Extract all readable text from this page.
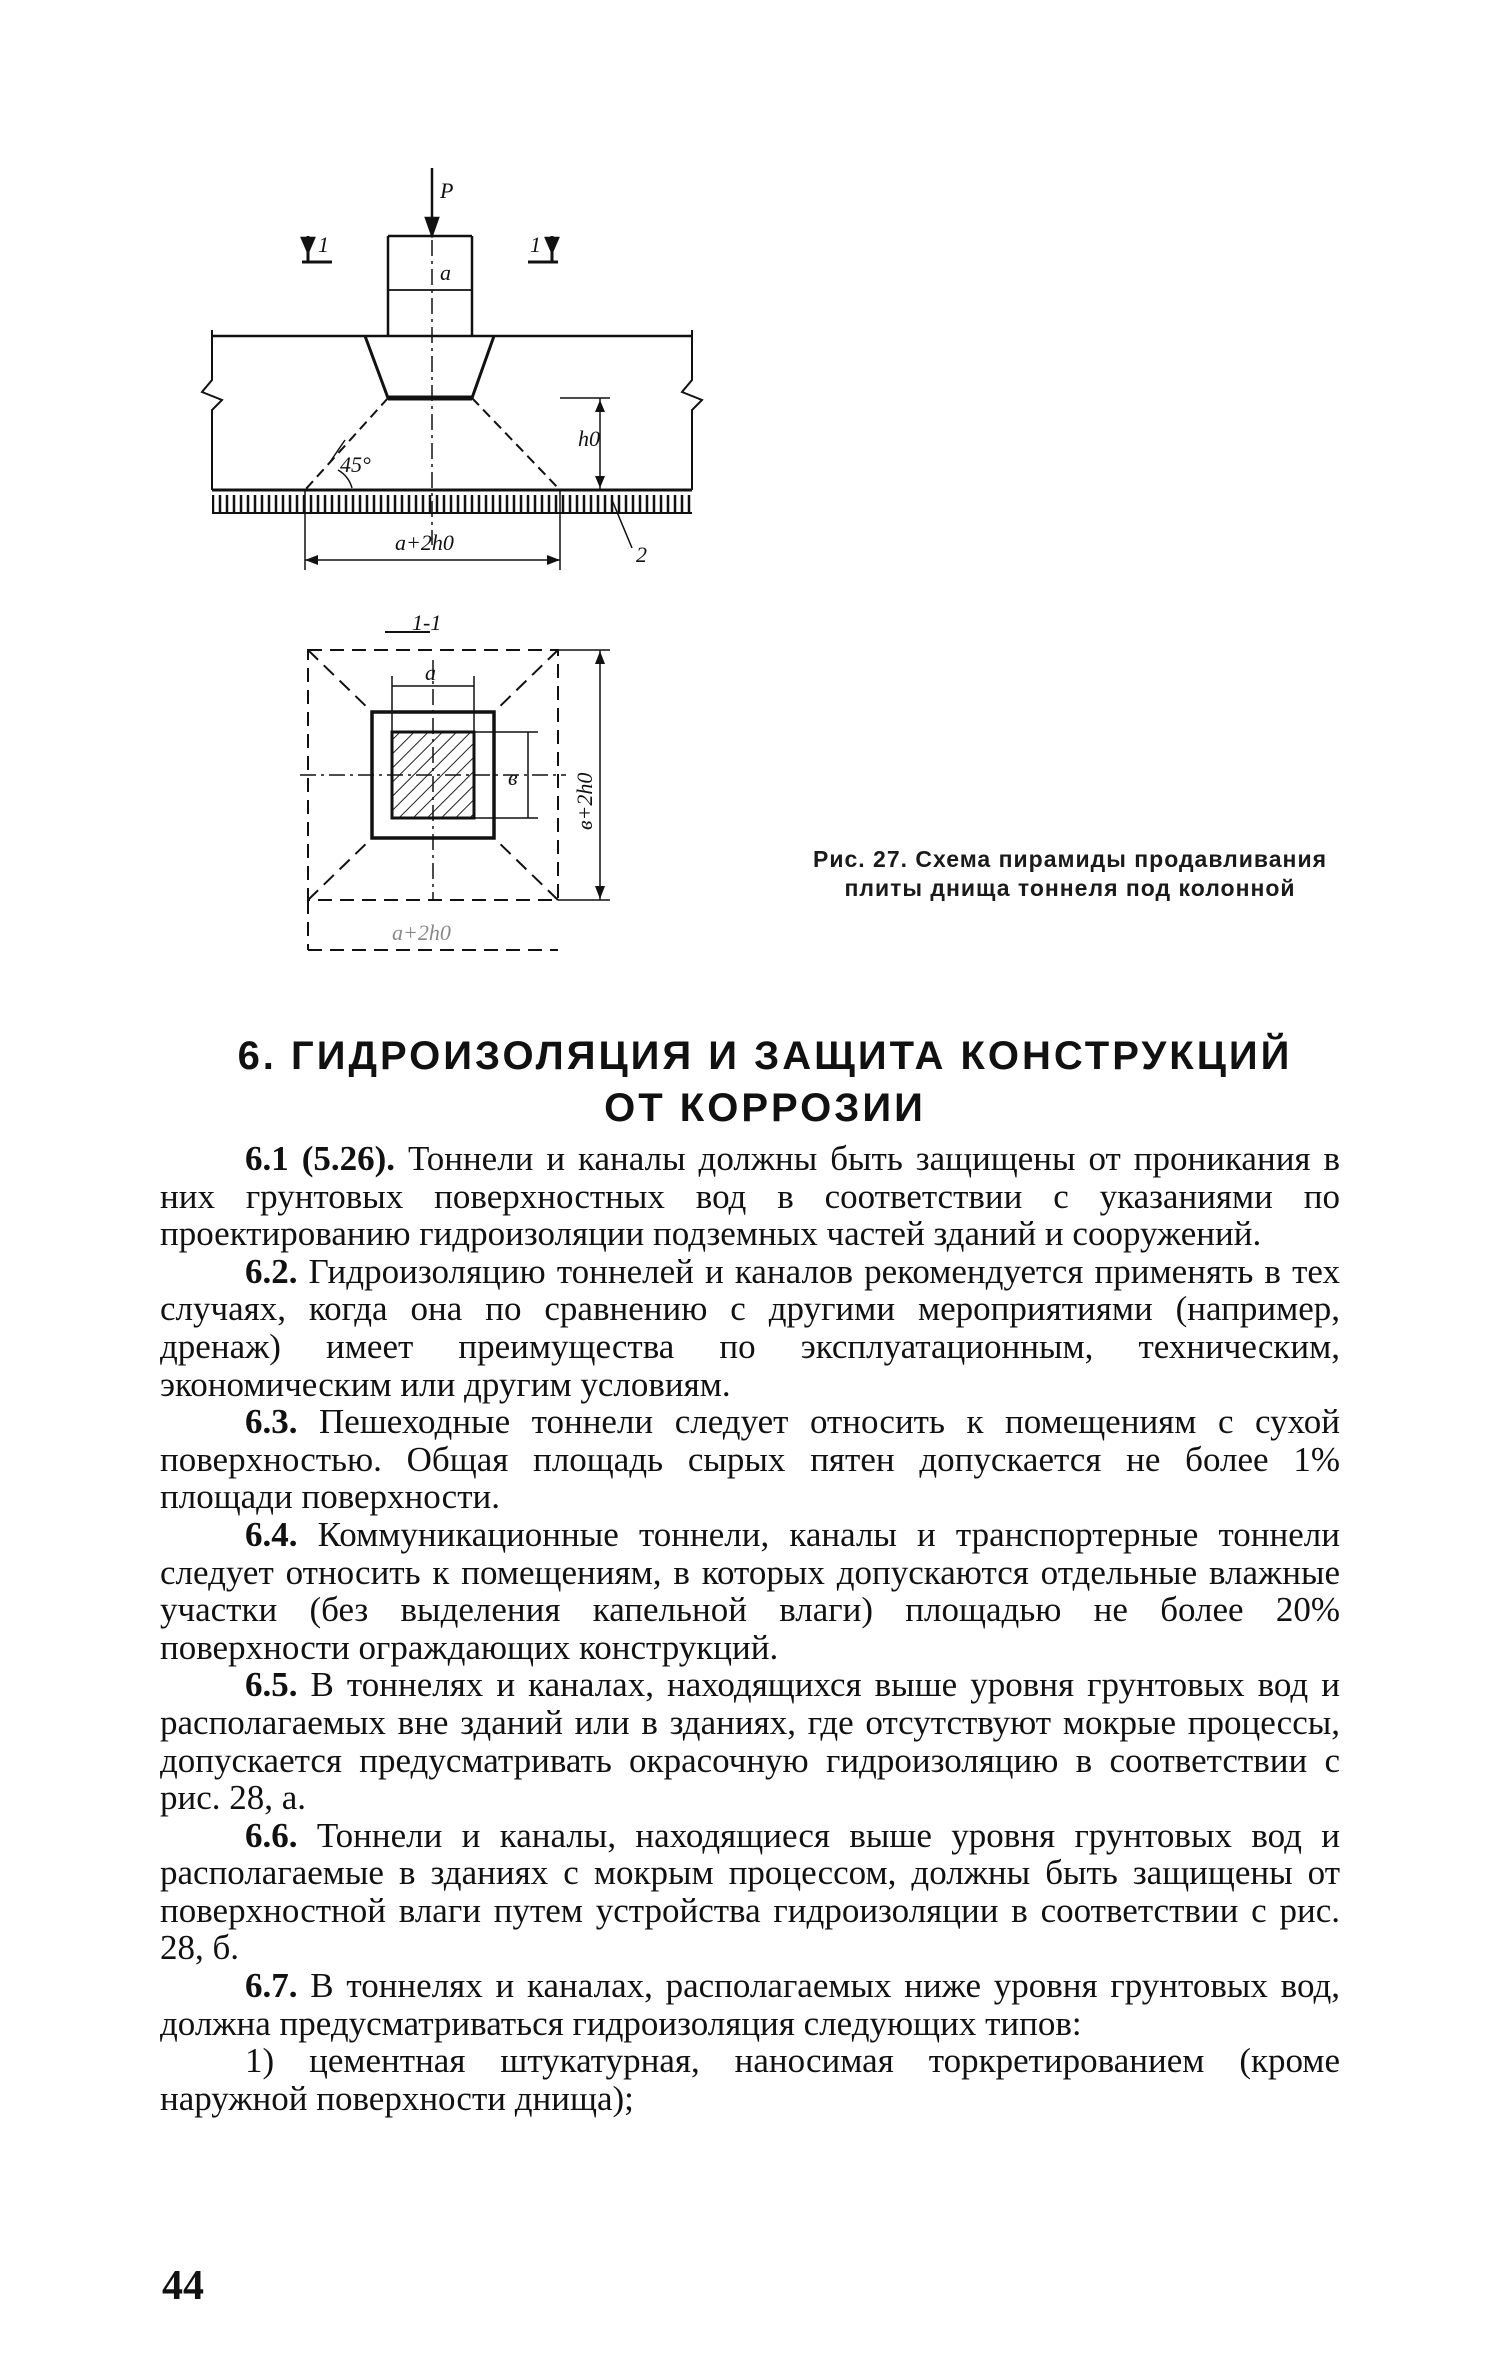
P
1	1
a
45°
h0
a+2h0	2
1-1
a
в в+2h0
a+2h0
Рис. 27. Схема пирамиды продавливания плиты днища тоннеля под колонной
6. ГИДРОИЗОЛЯЦИЯ И ЗАЩИТА КОНСТРУКЦИЙ
ОТ КОРРОЗИИ

6.1 (5.26). Тоннели и каналы должны быть защищены от проникания в них грунтовых поверхностных вод в соответствии с указаниями по проектированию гидроизоляции подземных частей зданий и сооружений.

6.2. Гидроизоляцию тоннелей и каналов рекомендуется применять в тех случаях, когда она по сравнению с другими мероприятиями (например, дренаж) имеет преимущества по эксплуатационным, техническим, экономическим или другим условиям.

6.3. Пешеходные тоннели следует относить к помещениям с сухой поверхностью. Общая площадь сырых пятен допускается не более 1% площади поверхности.

6.4. Коммуникационные тоннели, каналы и транспортерные тоннели следует относить к помещениям, в которых допускаются отдельные влажные участки (без выделения капельной влаги) площадью не более 20% поверхности ограждающих конструкций.

6.5. В тоннелях и каналах, находящихся выше уровня грунтовых вод и располагаемых вне зданий или в зданиях, где отсутствуют мокрые процессы, допускается предусматривать окрасочную гидроизоляцию в соответствии с рис. 28, а.

6.6. Тоннели и каналы, находящиеся выше уровня грунтовых вод и располагаемые в зданиях с мокрым процессом, должны быть защищены от поверхностной влаги путем устройства гидроизоляции в соответствии с рис. 28, б.

6.7. В тоннелях и каналах, располагаемых ниже уровня грунтовых вод, должна предусматриваться гидроизоляция следующих типов:

1) цементная штукатурная, наносимая торкретированием (кроме наружной поверхности днища);

44
